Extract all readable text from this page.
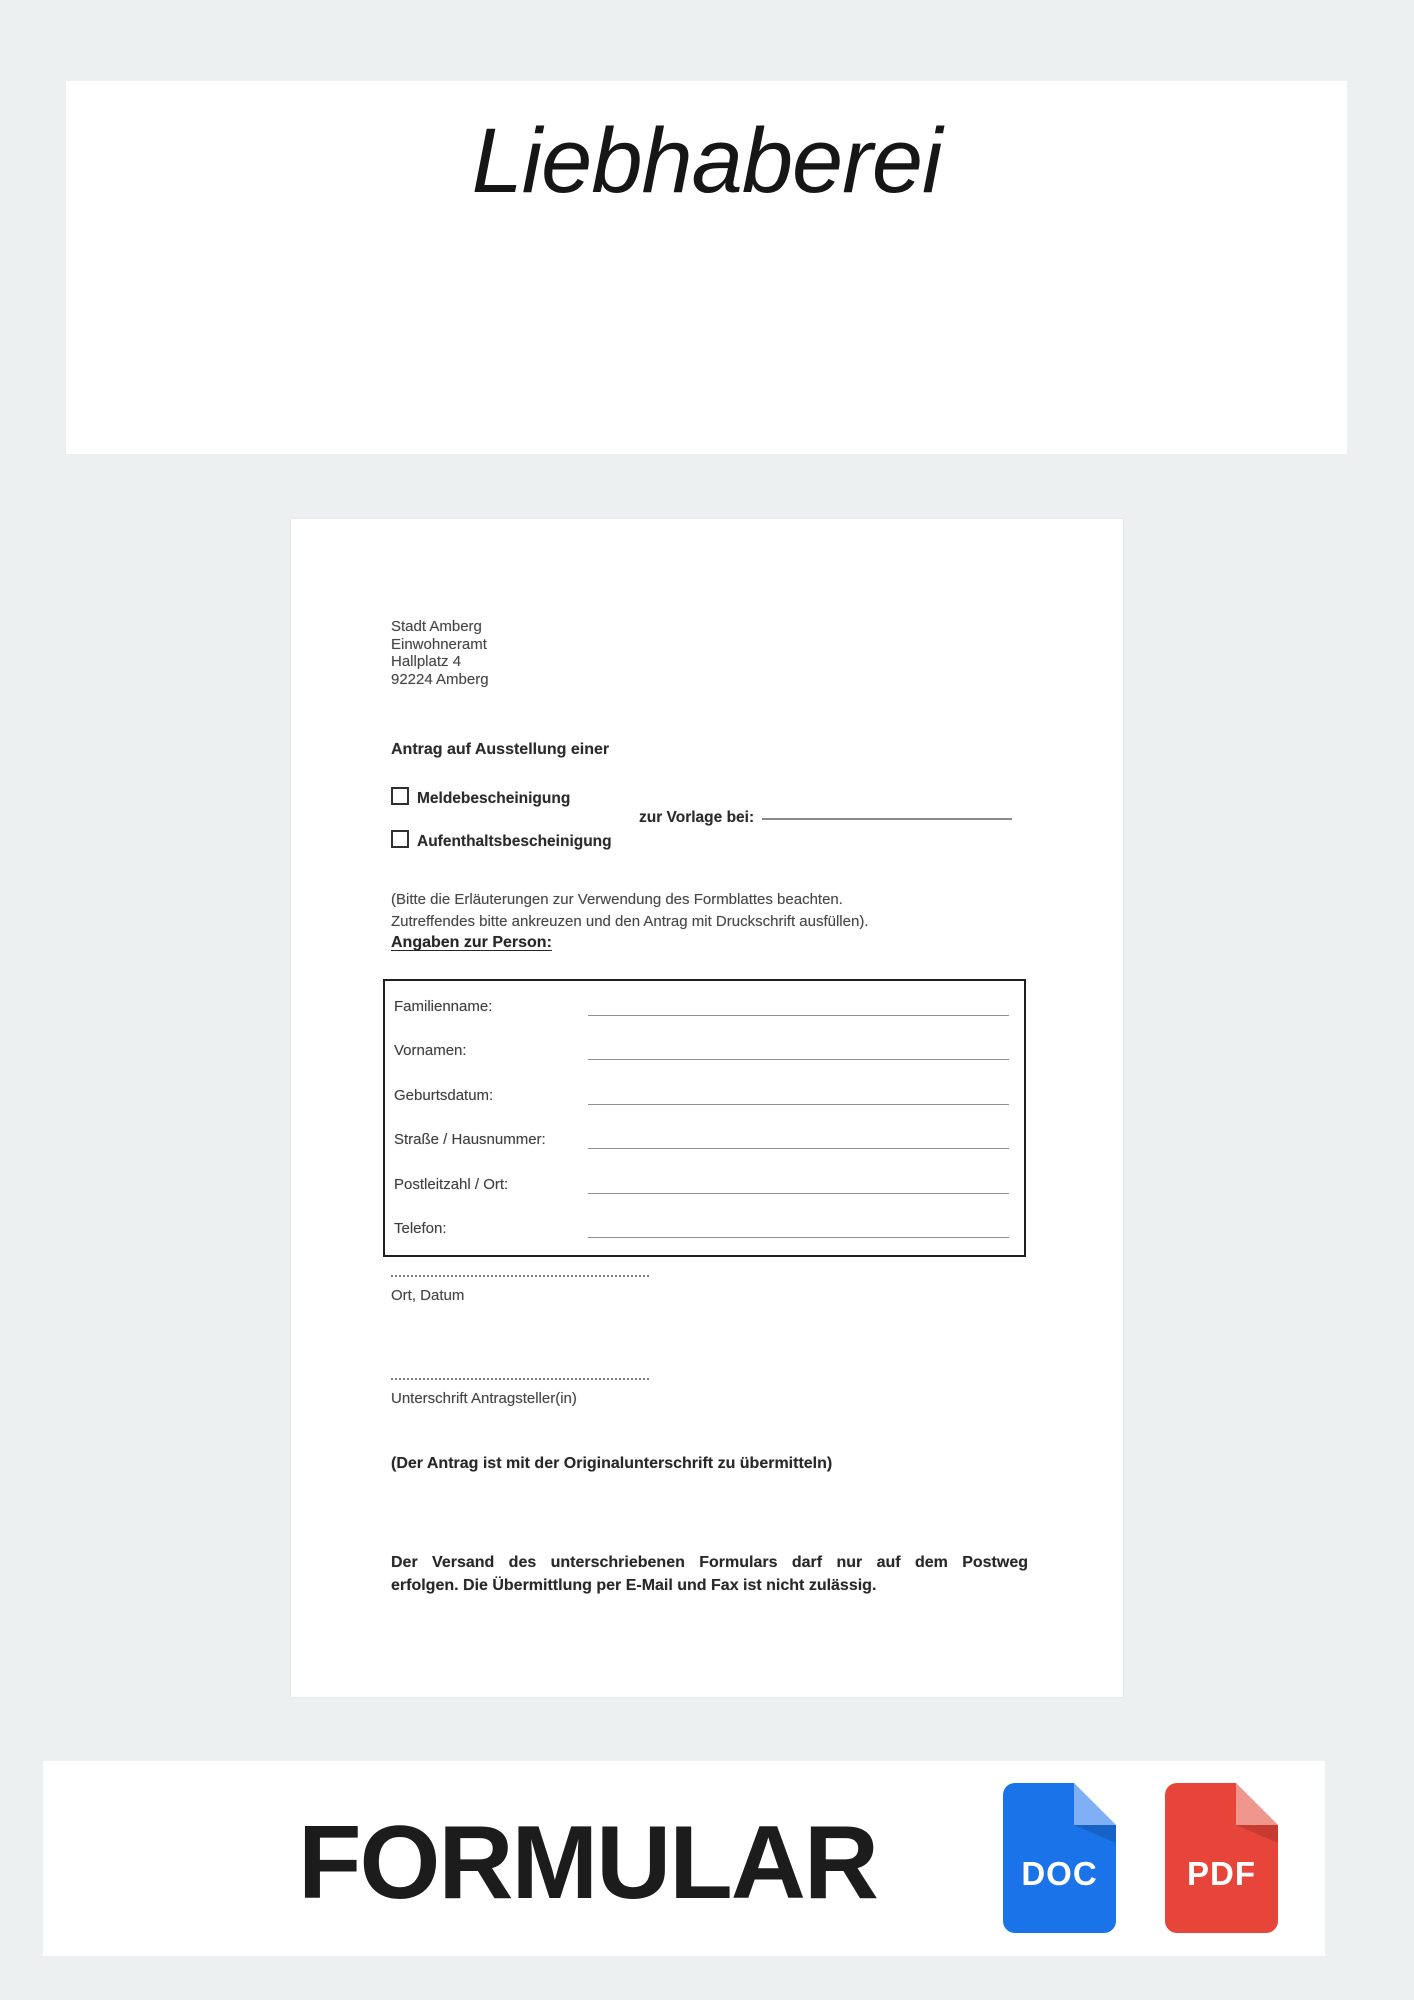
Liebhaberei
Stadt Amberg
Einwohneramt
Hallplatz 4
92224 Amberg
Antrag auf Ausstellung einer
Meldebescheinigung
zur Vorlage bei:
Aufenthaltsbescheinigung
(Bitte die Erläuterungen zur Verwendung des Formblattes beachten.
Zutreffendes bitte ankreuzen und den Antrag mit Druckschrift ausfüllen).
Angaben zur Person:
Familienname:
Vornamen:
Geburtsdatum:
Straße / Hausnummer:
Postleitzahl / Ort:
Telefon:
Ort, Datum
Unterschrift Antragsteller(in)
(Der Antrag ist mit der Originalunterschrift zu übermitteln)
Der Versand des unterschriebenen Formulars darf nur auf dem Postweg
erfolgen. Die Übermittlung per E-Mail und Fax ist nicht zulässig.
FORMULAR	DOC	PDF
